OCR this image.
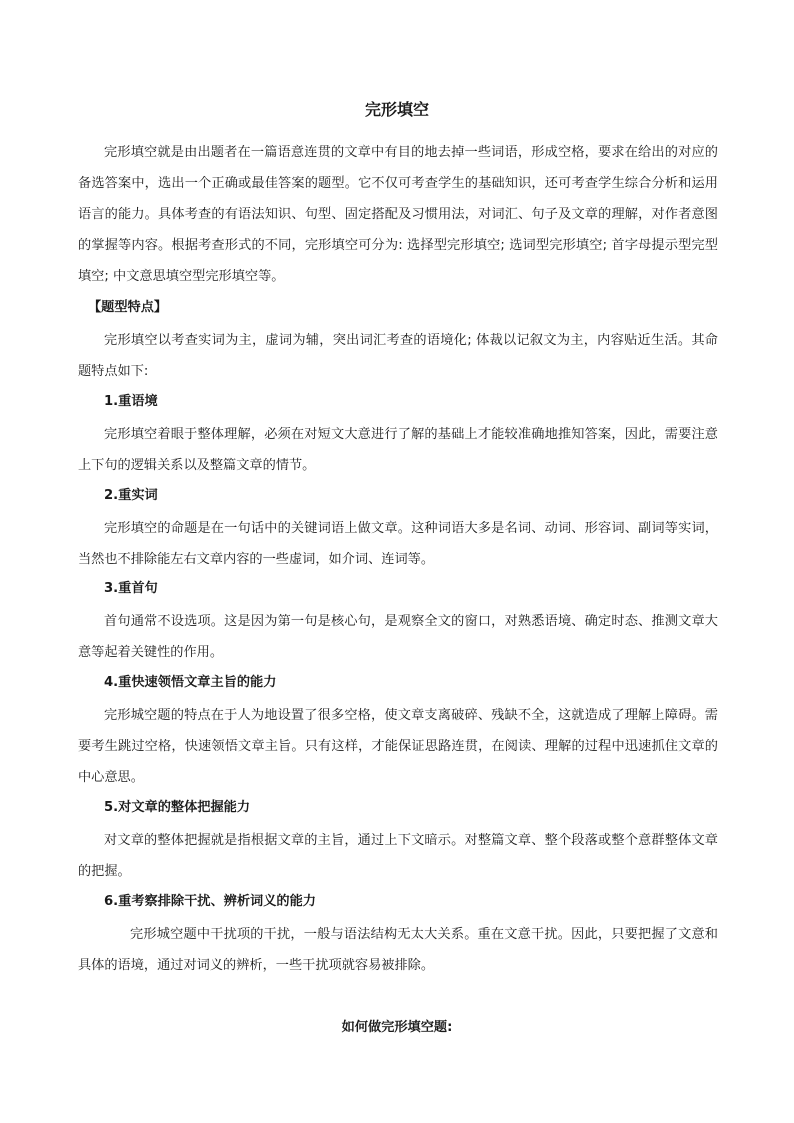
完形填空
完形填空就是由出题者在一篇语意连贯的文章中有目的地去掉一些词语，形成空格，要求在给出的对应的备选答案中，选出一个正确或最佳答案的题型。它不仅可考查学生的基础知识，还可考查学生综合分析和运用语言的能力。具体考查的有语法知识、句型、固定搭配及习惯用法，对词汇、句子及文章的理解，对作者意图的掌握等内容。根据考查形式的不同，完形填空可分为: 选择型完形填空; 选词型完形填空; 首字母提示型完型填空; 中文意思填空型完形填空等。
【题型特点】
完形填空以考查实词为主，虚词为辅，突出词汇考查的语境化; 体裁以记叙文为主，内容贴近生活。其命题特点如下:
1.重语境
完形填空着眼于整体理解，必须在对短文大意进行了解的基础上才能较准确地推知答案，因此，需要注意上下句的逻辑关系以及整篇文章的情节。
2.重实词
完形填空的命题是在一句话中的关键词语上做文章。这种词语大多是名词、动词、形容词、副词等实词，当然也不排除能左右文章内容的一些虚词，如介词、连词等。
3.重首句
首句通常不设选项。这是因为第一句是核心句，是观察全文的窗口，对熟悉语境、确定时态、推测文章大意等起着关键性的作用。
4.重快速领悟文章主旨的能力
完形城空题的特点在于人为地设置了很多空格，使文章支离破碎、残缺不全，这就造成了理解上障碍。需要考生跳过空格，快速领悟文章主旨。只有这样，才能保证思路连贯，在阅读、理解的过程中迅速抓住文章的中心意思。
5.对文章的整体把握能力
对文章的整体把握就是指根据文章的主旨，通过上下文暗示。对整篇文章、整个段落或整个意群整体文章的把握。
6.重考察排除干扰、辨析词义的能力
完形城空题中干扰项的干扰，一般与语法结构无太大关系。重在文意干扰。因此，只要把握了文意和具体的语境，通过对词义的辨析，一些干扰项就容易被排除。
如何做完形填空题:
